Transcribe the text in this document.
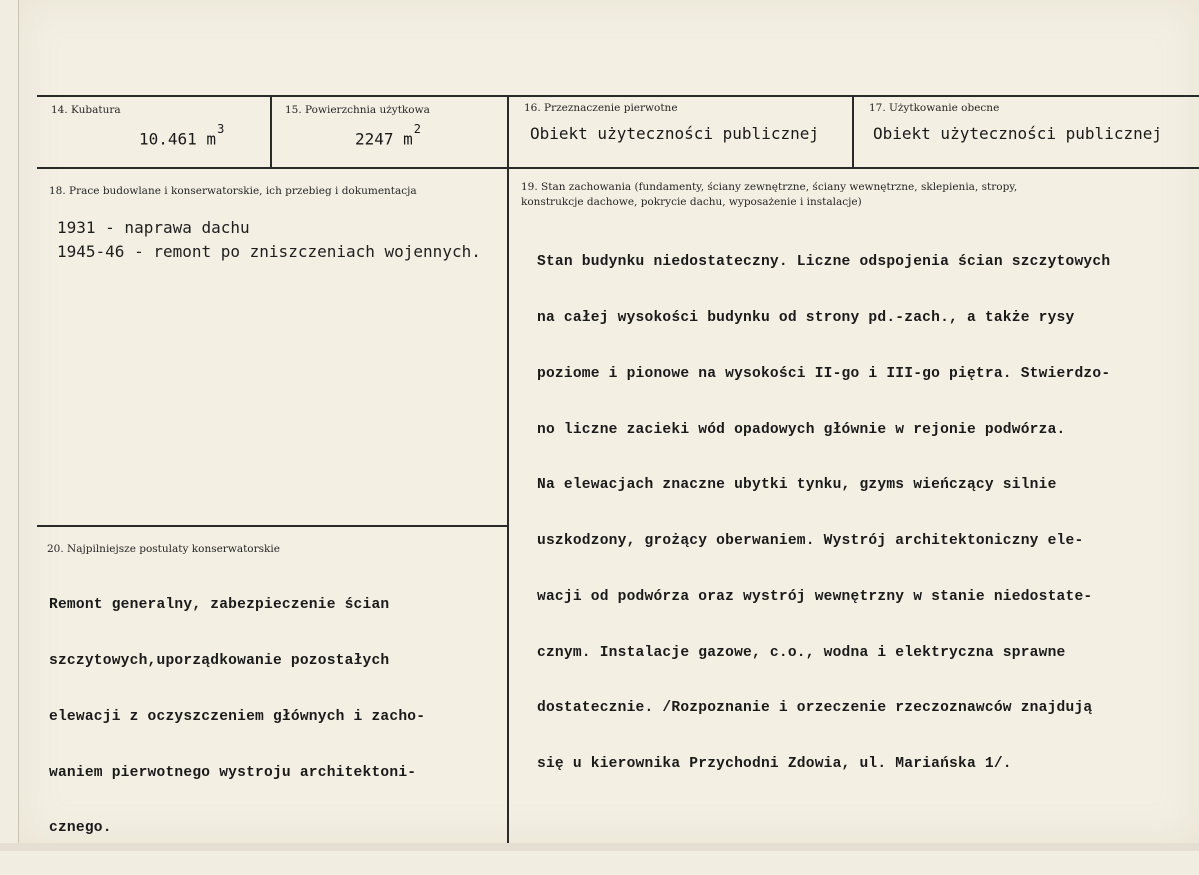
14. Kubatura
10.461 $m^3$
15. Powierzchnia użytkowa
2247 $m^2$
16. Przeznaczenie pierwotne
Obiekt użyteczności publicznej
17. Użytkowanie obecne
Obiekt użyteczności publicznej
18. Prace budowlane i konserwatorskie, ich przebieg i dokumentacja
1931 - naprawa dachu
1945-46 - remont po zniszczeniach wojennych.
19. Stan zachowania (fundamenty, ściany zewnętrzne, ściany wewnętrzne, sklepienia, stropy,
konstrukcje dachowe, pokrycie dachu, wyposażenie i instalacje)

Stan budynku niedostateczny. Liczne odspojenia ścian szczytowych

na całej wysokości budynku od strony pd.-zach., a także rysy

poziome i pionowe na wysokości II-go i III-go piętra. Stwierdzo-

no liczne zacieki wód opadowych głównie w rejonie podwórza.

Na elewacjach znaczne ubytki tynku, gzyms wieńczący silnie

uszkodzony, grożący oberwaniem. Wystrój architektoniczny ele-

wacji od podwórza oraz wystrój wewnętrzny w stanie niedostate-

cznym. Instalacje gazowe, c.o., wodna i elektryczna sprawne

dostatecznie. /Rozpoznanie i orzeczenie rzeczoznawców znajdują

się u kierownika Przychodni Zdowia, ul. Mariańska 1/.

20. Najpilniejsze postulaty konserwatorskie

Remont generalny, zabezpieczenie ścian

szczytowych,uporządkowanie pozostałych

elewacji z oczyszczeniem głównych i zacho-

waniem pierwotnego wystroju architektoni-

cznego.
